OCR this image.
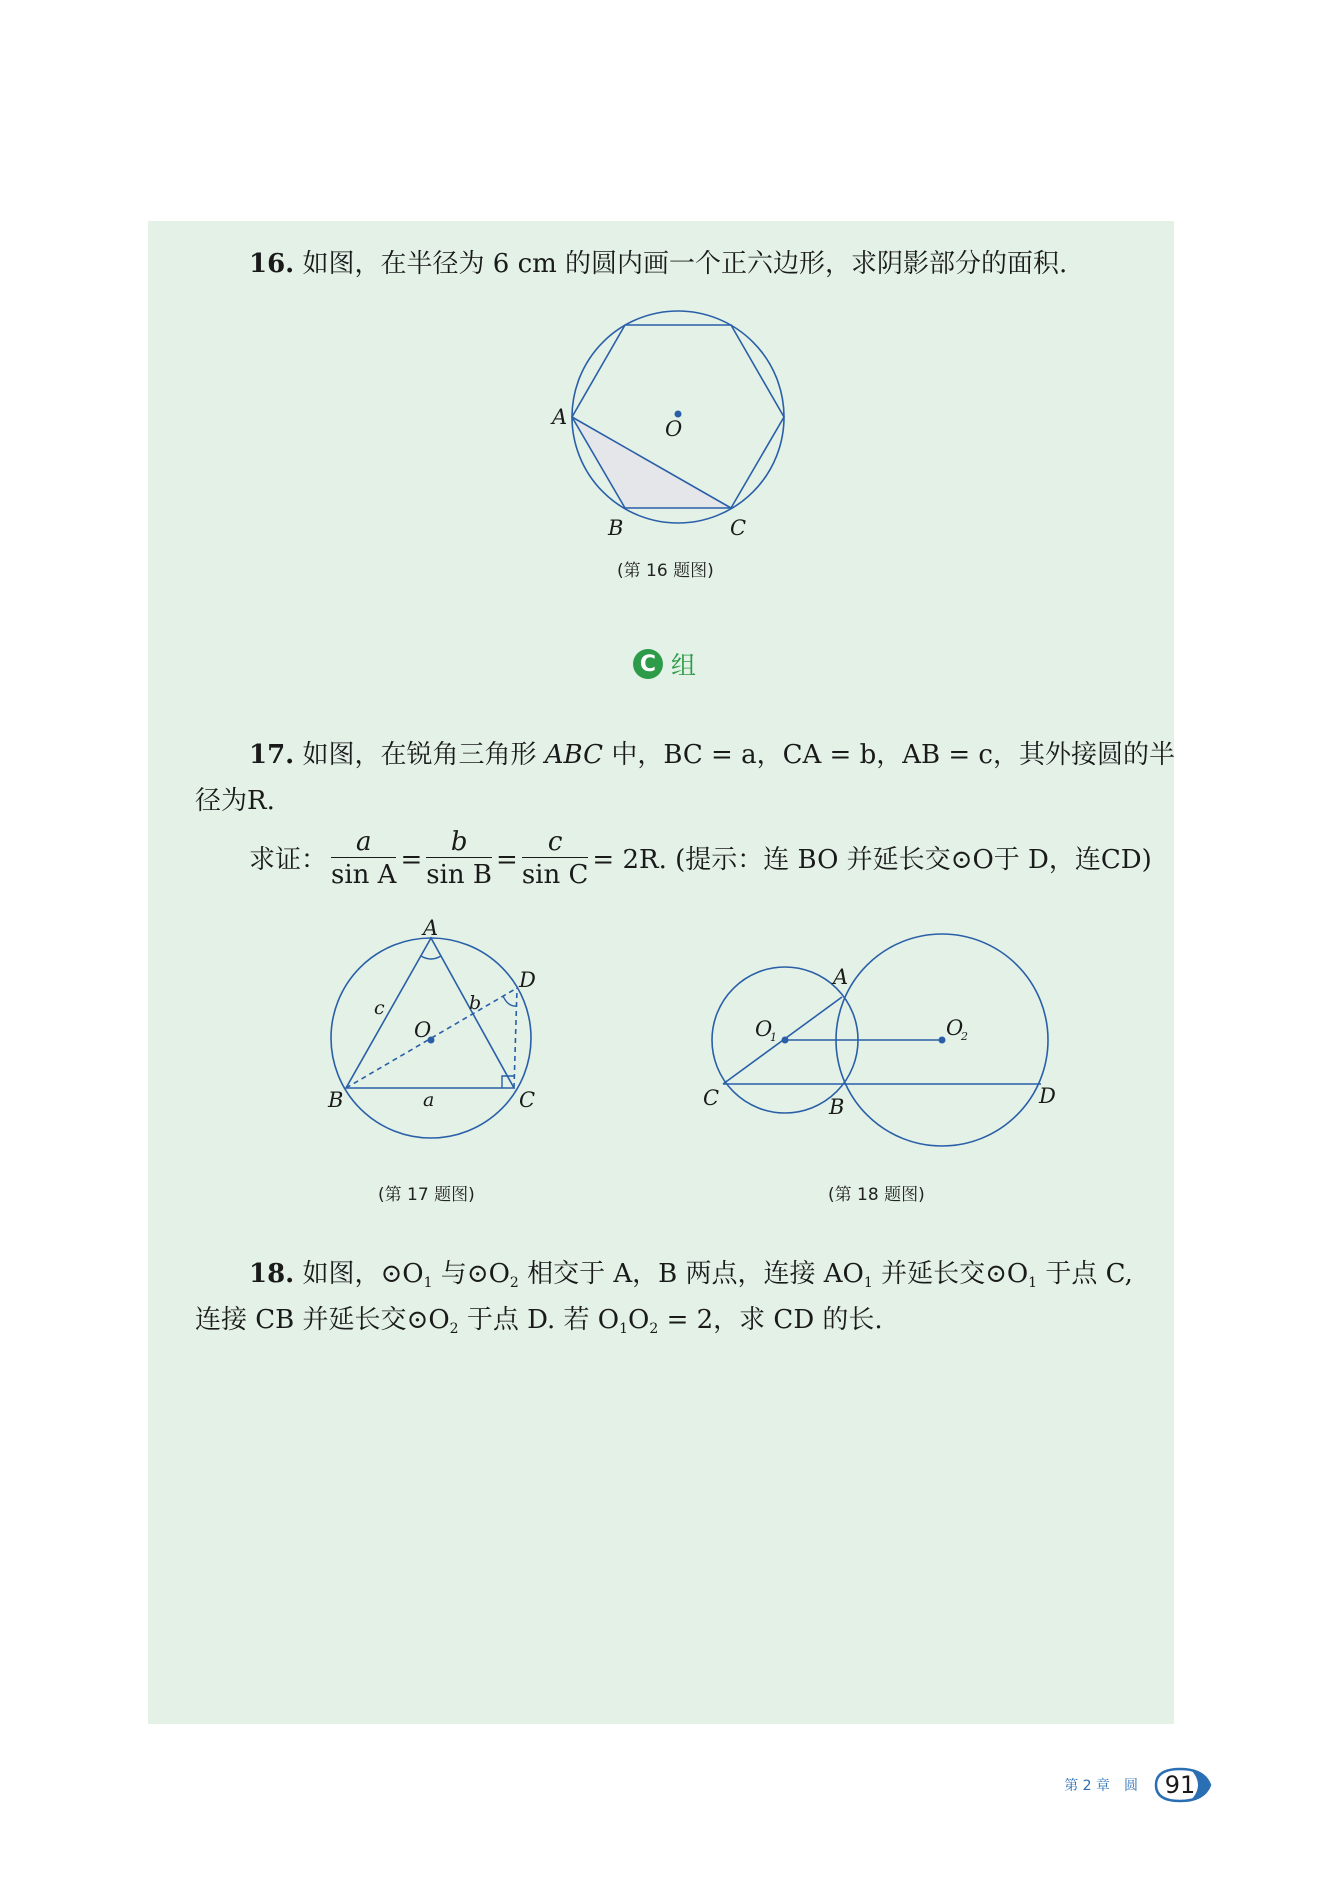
16. 如图，在半径为 6 cm 的圆内画一个正六边形，求阴影部分的面积.
A	O
B	C
(第 16 题图)
C 组
17. 如图，在锐角三角形 ABC 中，BC = a，CA = b，AB = c，其外接圆的半
径为R.
求证： $\frac{a}{\text{sin A}} = \frac{b}{\text{sin B}} = \frac{c}{\text{sin C}} = 2R$ . (提示：连 BO 并延长交⊙O于 D，连CD)
A
D
B	C
O
a
b
c
(第 17 题图)
A
O
1	O
2
C	B	D
(第 18 题图)
18. 如图，$⊙O_1$ 与$⊙O_2$ 相交于 A，B 两点，连接 $AO_1$ 并延长交$⊙O_1$ 于点 C,
连接 CB 并延长交$⊙O_2$ 于点 D. 若 $O_1O_2 = 2$，求 CD 的长.
第 2 章　圆 91
